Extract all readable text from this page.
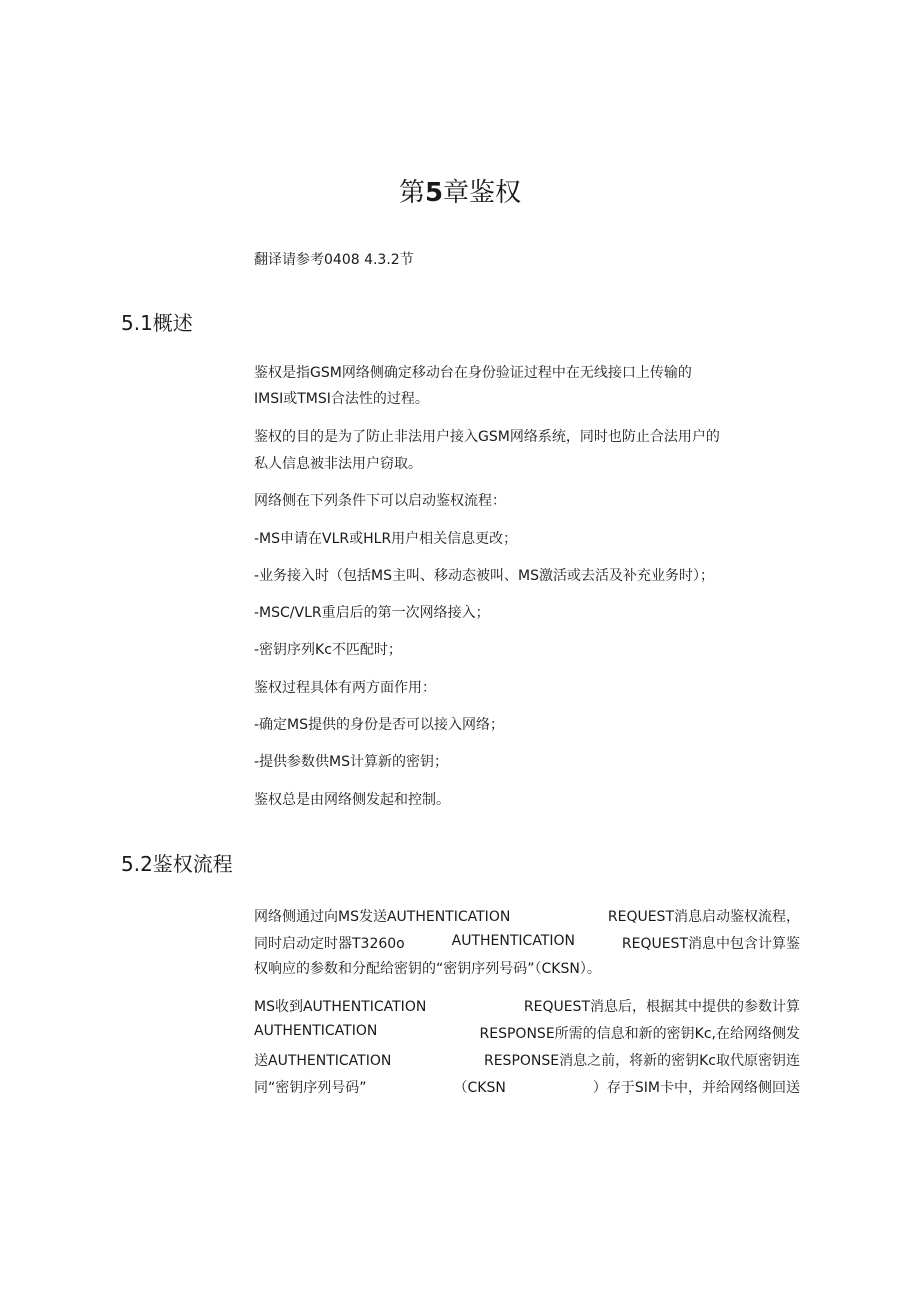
第5章鉴权
翻译请参考0408 4.3.2节
5.1概述
鉴权是指GSM网络侧确定移动台在身份验证过程中在无线接口上传输的
IMSI或TMSI合法性的过程。
鉴权的目的是为了防止非法用户接入GSM网络系统，同时也防止合法用户的
私人信息被非法用户窃取。
网络侧在下列条件下可以启动鉴权流程：
-MS申请在VLR或HLR用户相关信息更改；
-业务接入时（包括MS主叫、移动态被叫、MS激活或去活及补充业务时）；
-MSC/VLR重启后的第一次网络接入；
-密钥序列Kc不匹配时；
鉴权过程具体有两方面作用：
-确定MS提供的身份是否可以接入网络；
-提供参数供MS计算新的密钥；
鉴权总是由网络侧发起和控制。
5.2鉴权流程
网络侧通过向MS发送AUTHENTICATION	REQUEST消息启动鉴权流程，
同时启动定时器T3260o	AUTHENTICATION	REQUEST消息中包含计算鉴
权响应的参数和分配给密钥的“密钥序列号码”（CKSN）。
MS收到AUTHENTICATION	REQUEST消息后，根据其中提供的参数计算
AUTHENTICATION	RESPONSE所需的信息和新的密钥Kc,在给网络侧发
送AUTHENTICATION	RESPONSE消息之前，将新的密钥Kc取代原密钥连
同“密钥序列号码”	（CKSN	）存于SIM卡中，并给网络侧回送
